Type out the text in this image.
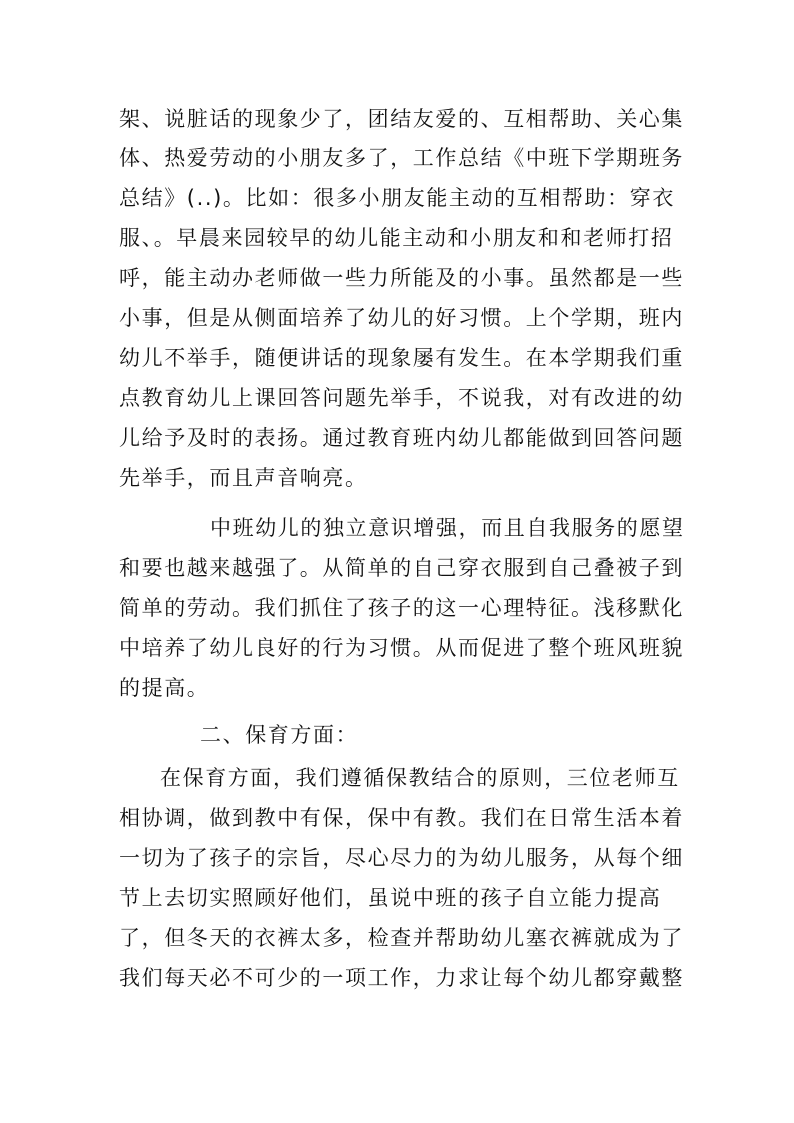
架、说脏话的现象少了，团结友爱的、互相帮助、关心集
体、热爱劳动的小朋友多了，工作总结《中班下学期班务
总结》(..)。比如：很多小朋友能主动的互相帮助：穿衣
服、。早晨来园较早的幼儿能主动和小朋友和和老师打招
呼，能主动办老师做一些力所能及的小事。虽然都是一些
小事，但是从侧面培养了幼儿的好习惯。上个学期，班内
幼儿不举手，随便讲话的现象屡有发生。在本学期我们重
点教育幼儿上课回答问题先举手，不说我，对有改进的幼
儿给予及时的表扬。通过教育班内幼儿都能做到回答问题
先举手，而且声音响亮。
中班幼儿的独立意识增强，而且自我服务的愿望
和要也越来越强了。从简单的自己穿衣服到自己叠被子到
简单的劳动。我们抓住了孩子的这一心理特征。浅移默化
中培养了幼儿良好的行为习惯。从而促进了整个班风班貌
的提高。
二、保育方面：
在保育方面，我们遵循保教结合的原则，三位老师互
相协调，做到教中有保，保中有教。我们在日常生活本着
一切为了孩子的宗旨，尽心尽力的为幼儿服务，从每个细
节上去切实照顾好他们，虽说中班的孩子自立能力提高
了，但冬天的衣裤太多，检查并帮助幼儿塞衣裤就成为了
我们每天必不可少的一项工作，力求让每个幼儿都穿戴整
